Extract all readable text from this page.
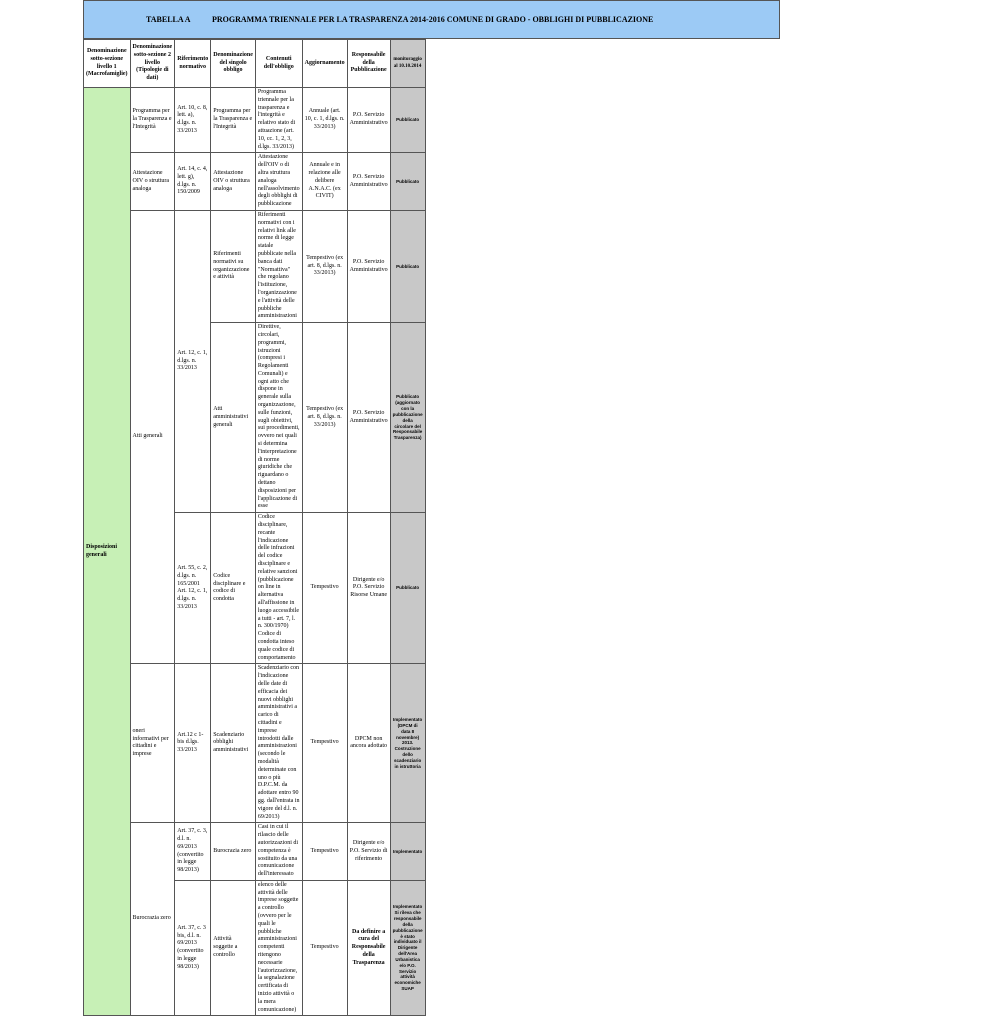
TABELLA A	PROGRAMMA TRIENNALE PER LA TRASPARENZA 2014-2016 COMUNE DI GRADO - OBBLIGHI DI PUBBLICAZIONE
Denominazione sotto-sezione livello 1 (Macrofamiglie)	Denominazione sotto-sezione 2 livello (Tipologie di dati)	Riferimento normativo	Denominazione del singolo obbligo	Contenuti dell'obbligo	Aggiornamento	Responsabile della Pubblicazione	monitoraggio al 10.10.2014
Disposizioni generali	Programma per la Trasparenza e l'Integrità	Art. 10, c. 8, lett. a), d.lgs. n. 33/2013	Programma per la Trasparenza e l'Integrità	Programma triennale per la trasparenza e l'integrità e relativo stato di attuazione (art. 10, cc. 1, 2, 3, d.lgs. 33/2013)	Annuale (art. 10, c. 1, d.lgs. n. 33/2013)	P.O. Servizio Amministrativo	Pubblicato
	Attestazione OIV o struttura analoga	Art. 14, c. 4, lett. g), d.lgs. n. 150/2009	Attestazione OIV o struttura analoga	Attestazione dell'OIV o di altra struttura analoga nell'assolvimento degli obblighi di pubblicazione	Annuale e in relazione alle delibere A.N.A.C. (ex CIVIT)	P.O. Servizio Amministrativo	Pubblicato
	Atti generali	Art. 12, c. 1, d.lgs. n. 33/2013	Riferimenti normativi su organizzazione e attività	Riferimenti normativi con i relativi link alle norme di legge statale pubblicate nella banca dati "Normattiva" che regolano l'istituzione, l'organizzazione e l'attività delle pubbliche amministrazioni	Tempestivo (ex art. 8, d.lgs. n. 33/2013)	P.O. Servizio Amministrativo	Pubblicato
			Atti amministrativi generali	Direttive, circolari, programmi, istruzioni (compresi i Regolamenti Comunali) e ogni atto che dispone in generale sulla organizzazione, sulle funzioni, sugli obiettivi, sui procedimenti, ovvero nei quali si determina l'interpretazione di norme giuridiche che riguardano o dettano disposizioni per l'applicazione di esse	Tempestivo (ex art. 8, d.lgs. n. 33/2013)	P.O. Servizio Amministrativo	Pubblicato (aggiornato con la pubblicazione della circolare del Responsabile Trasparenza)
		Art. 55, c. 2, d.lgs. n. 165/2001 Art. 12, c. 1, d.lgs. n. 33/2013	Codice disciplinare e codice di condotta	Codice disciplinare, recante l'indicazione delle infrazioni del codice disciplinare e relative sanzioni (pubblicazione on line in alternativa all'affissione in luogo accessibile a tutti - art. 7, l. n. 300/1970) Codice di condotta inteso quale codice di comportamento	Tempestivo	Dirigente e/o P.O. Servizio Risorse Umane	Pubblicato
	oneri informativi per cittadini e imprese	Art.12 c 1-bis d.lgs. 33/2013	Scadenziario obblighi amministrativi	Scadenziario con l'indicazione delle date di efficacia dei nuovi obblighi amministrativi a carico di cittadini e imprese introdotti dalle amministrazioni (secondo le modalità determinate con uno o più D.P.C.M. da adottare entro 90 gg. dall'entrata in vigore del d.l. n. 69/2013)	Tempestivo	DPCM non ancora adottato	Implementato (DPCM di data 8 novembre) 2013. Costruzione dello scadenziario in istruttoria
	Burocrazia zero	Art. 37, c. 3, d.l. n. 69/2013 (convertito in legge 98/2013)	Burocrazia zero	Casi in cui il rilascio delle autorizzazioni di competenza è sostituito da una comunicazione dell'interessato	Tempestivo	Dirigente e/o P.O. Servizio di riferimento	Implementato
		Art. 37, c. 3 bis, d.l. n. 69/2013 (convertito in legge 98/2013)	Attività soggette a controllo	elenco delle attività delle imprese soggette a controllo (ovvero per le quali le pubbliche amministrazioni competenti ritengono necessarie l'autorizzazione, la segnalazione certificata di inizio attività o la mera comunicazione)	Tempestivo	Da definire a cura del Responsabile della Trasparenza	Implementato Si rileva che responsabile della pubblicazione è stato individuato il Dirigente dell'Area Urbanistica e/o P.O. Servizio attività economiche SUAP
